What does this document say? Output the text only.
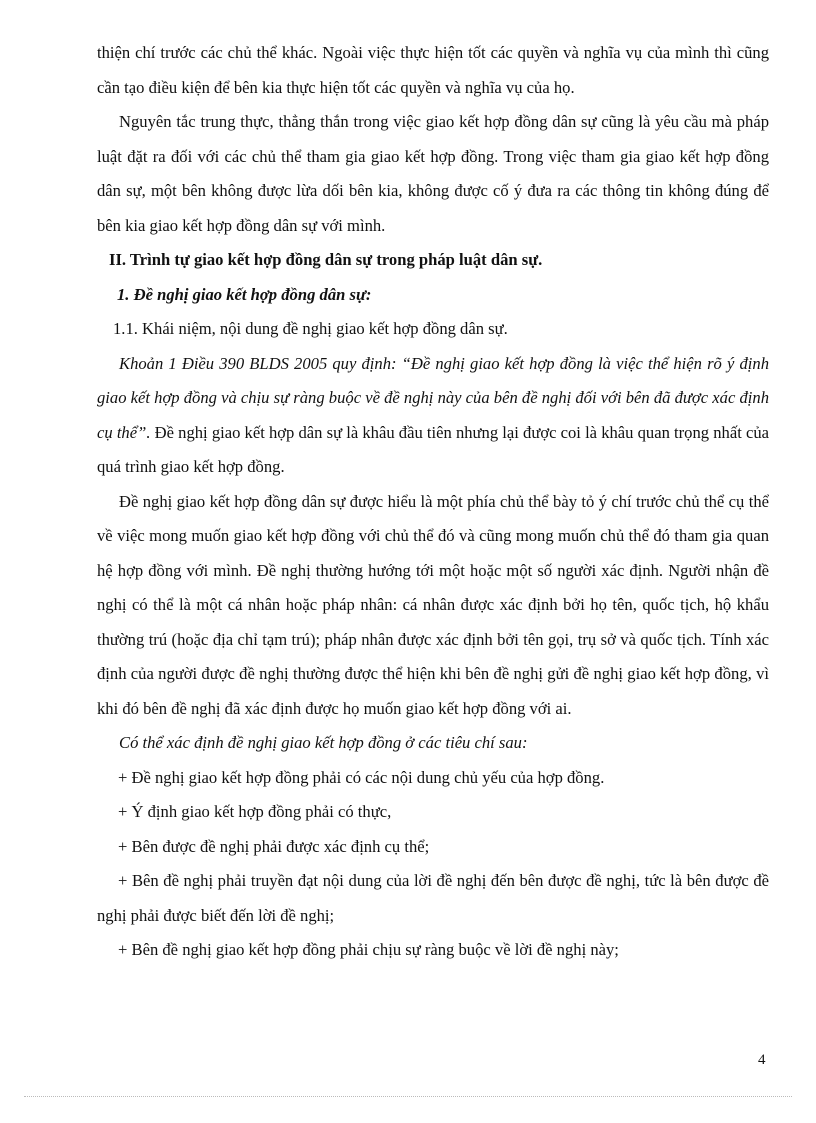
thiện chí trước các chủ thể khác. Ngoài việc thực hiện tốt các quyền và nghĩa vụ của mình thì cũng cần tạo điều kiện để bên kia thực hiện tốt các quyền và nghĩa vụ của họ.

Nguyên tắc trung thực, thẳng thắn trong việc giao kết hợp đồng dân sự cũng là yêu cầu mà pháp luật đặt ra đối với các chủ thể tham gia giao kết hợp đồng. Trong việc tham gia giao kết hợp đồng dân sự, một bên không được lừa dối bên kia, không được cố ý đưa ra các thông tin không đúng để bên kia giao kết hợp đồng dân sự với mình.

II. Trình tự giao kết hợp đồng dân sự trong pháp luật dân sự.

1. Đề nghị giao kết hợp đồng dân sự:

1.1. Khái niệm, nội dung đề nghị giao kết hợp đồng dân sự.

Khoản 1 Điều 390 BLDS 2005 quy định: “Đề nghị giao kết hợp đồng là việc thể hiện rõ ý định giao kết hợp đồng và chịu sự ràng buộc về đề nghị này của bên đề nghị đối với bên đã được xác định cụ thể”. Đề nghị giao kết hợp dân sự là khâu đầu tiên nhưng lại được coi là khâu quan trọng nhất của quá trình giao kết hợp đồng.

Đề nghị giao kết hợp đồng dân sự được hiểu là một phía chủ thể bày tỏ ý chí trước chủ thể cụ thể về việc mong muốn giao kết hợp đồng với chủ thể đó và cũng mong muốn chủ thể đó tham gia quan hệ hợp đồng với mình. Đề nghị thường hướng tới một hoặc một số người xác định. Người nhận đề nghị có thể là một cá nhân hoặc pháp nhân: cá nhân được xác định bởi họ tên, quốc tịch, hộ khẩu thường trú (hoặc địa chỉ tạm trú); pháp nhân được xác định bởi tên gọi, trụ sở và quốc tịch. Tính xác định của người được đề nghị thường được thể hiện khi bên đề nghị gửi đề nghị giao kết hợp đồng, vì khi đó bên đề nghị đã xác định được họ muốn giao kết hợp đồng với ai.

Có thể xác định đề nghị giao kết hợp đồng ở các tiêu chí sau:

+ Đề nghị giao kết hợp đồng phải có các nội dung chủ yếu của hợp đồng.

+ Ý định giao kết hợp đồng phải có thực,

+ Bên được đề nghị phải được xác định cụ thể;

+ Bên đề nghị phải truyền đạt nội dung của lời đề nghị đến bên được đề nghị, tức là bên được đề nghị phải được biết đến lời đề nghị;

+ Bên đề nghị giao kết hợp đồng phải chịu sự ràng buộc về lời đề nghị này;

4
